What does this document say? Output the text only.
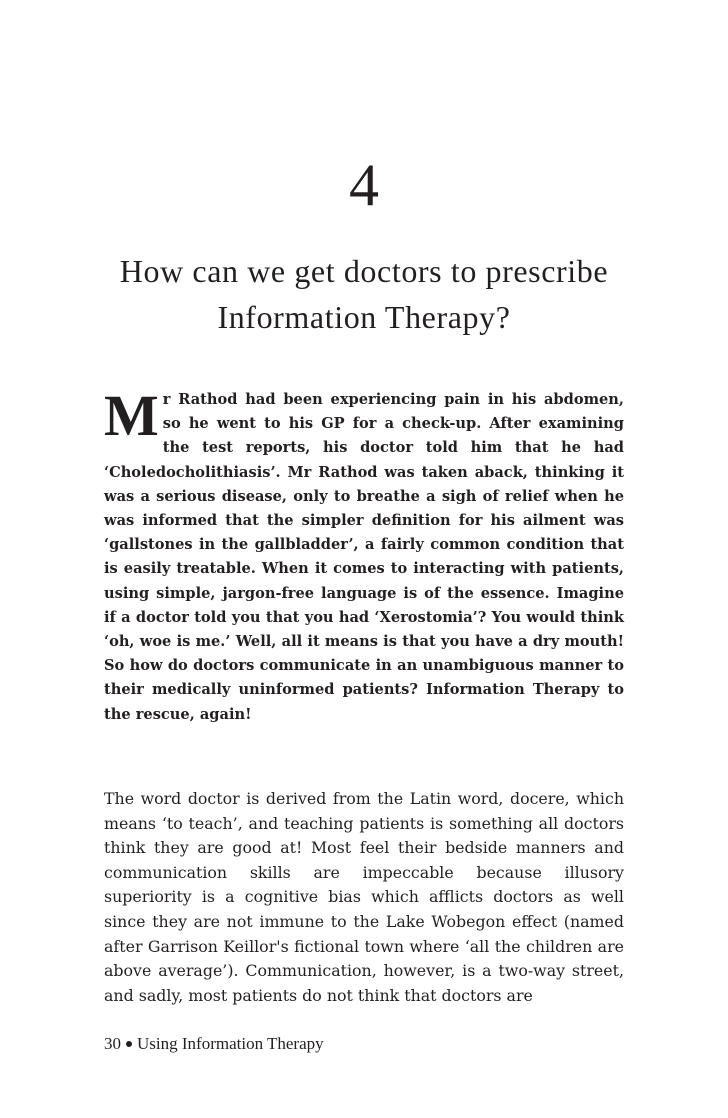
4
How can we get doctors to prescribe Information Therapy?

Mr Rathod had been experiencing pain in his abdomen, so he went to his GP for a check-up. After examining the test reports, his doctor told him that he had ‘Choledocholithiasis’. Mr Rathod was taken aback, thinking it was a serious disease, only to breathe a sigh of relief when he was informed that the simpler definition for his ailment was ‘gallstones in the gallbladder’, a fairly common condition that is easily treatable. When it comes to interacting with patients, using simple, jargon-free language is of the essence. Imagine if a doctor told you that you had ‘Xerostomia’? You would think ‘oh, woe is me.’ Well, all it means is that you have a dry mouth! So how do doctors communicate in an unambiguous manner to their medically uninformed patients? Information Therapy to the rescue, again!

The word doctor is derived from the Latin word, docere, which means ‘to teach’, and teaching patients is something all doctors think they are good at! Most feel their bedside manners and communication skills are impeccable because illusory superiority is a cognitive bias which afflicts doctors as well since they are not immune to the Lake Wobegon effect (named after Garrison Keillor's fictional town where ‘all the children are above average’). Communication, however, is a two-way street, and sadly, most patients do not think that doctors are

30 Using Information Therapy
